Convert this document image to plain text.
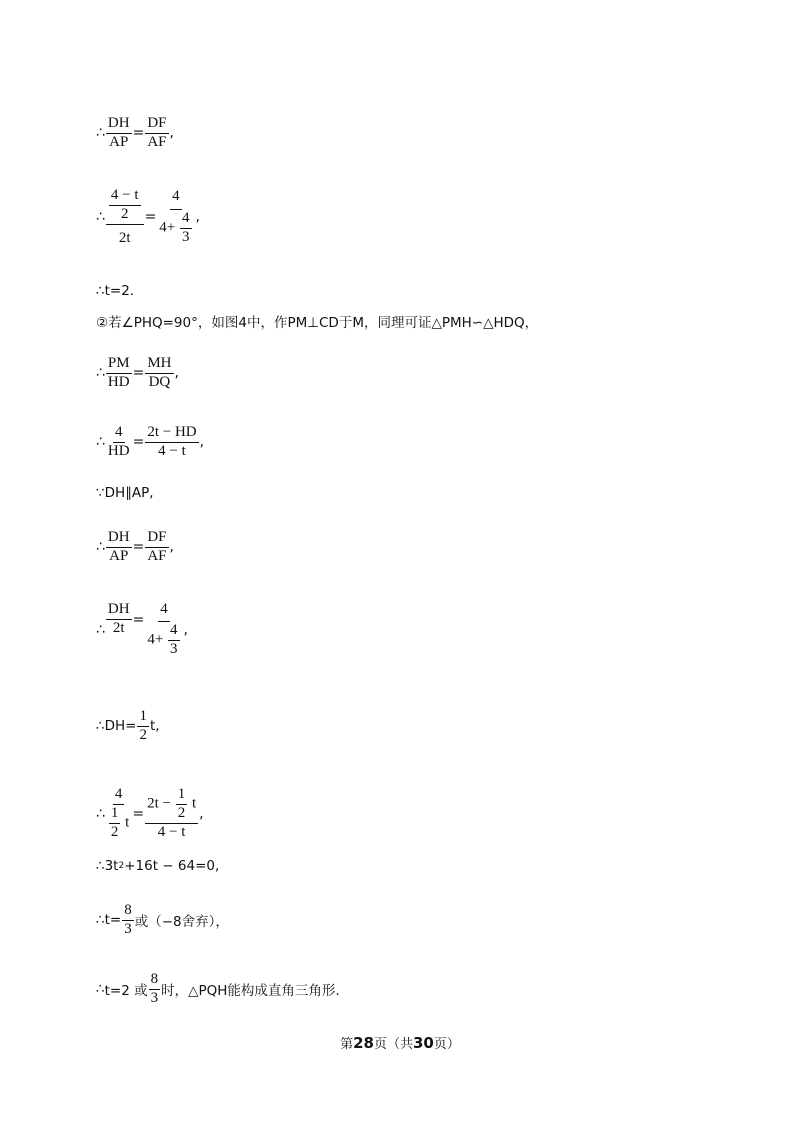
∴ $\frac{DH}{AP} = \frac{DF}{AF}$ ,
∴ $\frac{\frac{4 - t}{2}}{2t} = \frac{4}{4+ \frac{4}{3}}$ ,
∴ t=2.
②若∠PHQ=90°，如图4中，作PM⊥CD于M，同理可证△PMH∽△HDQ，
∴ $\frac{PM}{HD} = \frac{MH}{DQ}$ ,
∴ $\frac{4}{HD} = \frac{2t - HD}{4 - t}$ ,
∵ DH∥AP,
∴ $\frac{DH}{AP} = \frac{DF}{AF}$ ,
∴ $\frac{DH}{2t} = \frac{4}{4+ \frac{4}{3}}$ ,
∴ $DH= \frac{1}{2} t$,
∴ $\frac{4}{\frac{1}{2} t} = \frac{2t - \frac{1}{2} t}{4 - t}$ ,
∴ 3t 2 +16t − 64=0,
∴ $t= \frac{8}{3}$ 或（−8舍弃），
∴ t=2 或 $\frac{8}{3}$ 时，△PQH能构成直角三角形.
第28页（共30页）
